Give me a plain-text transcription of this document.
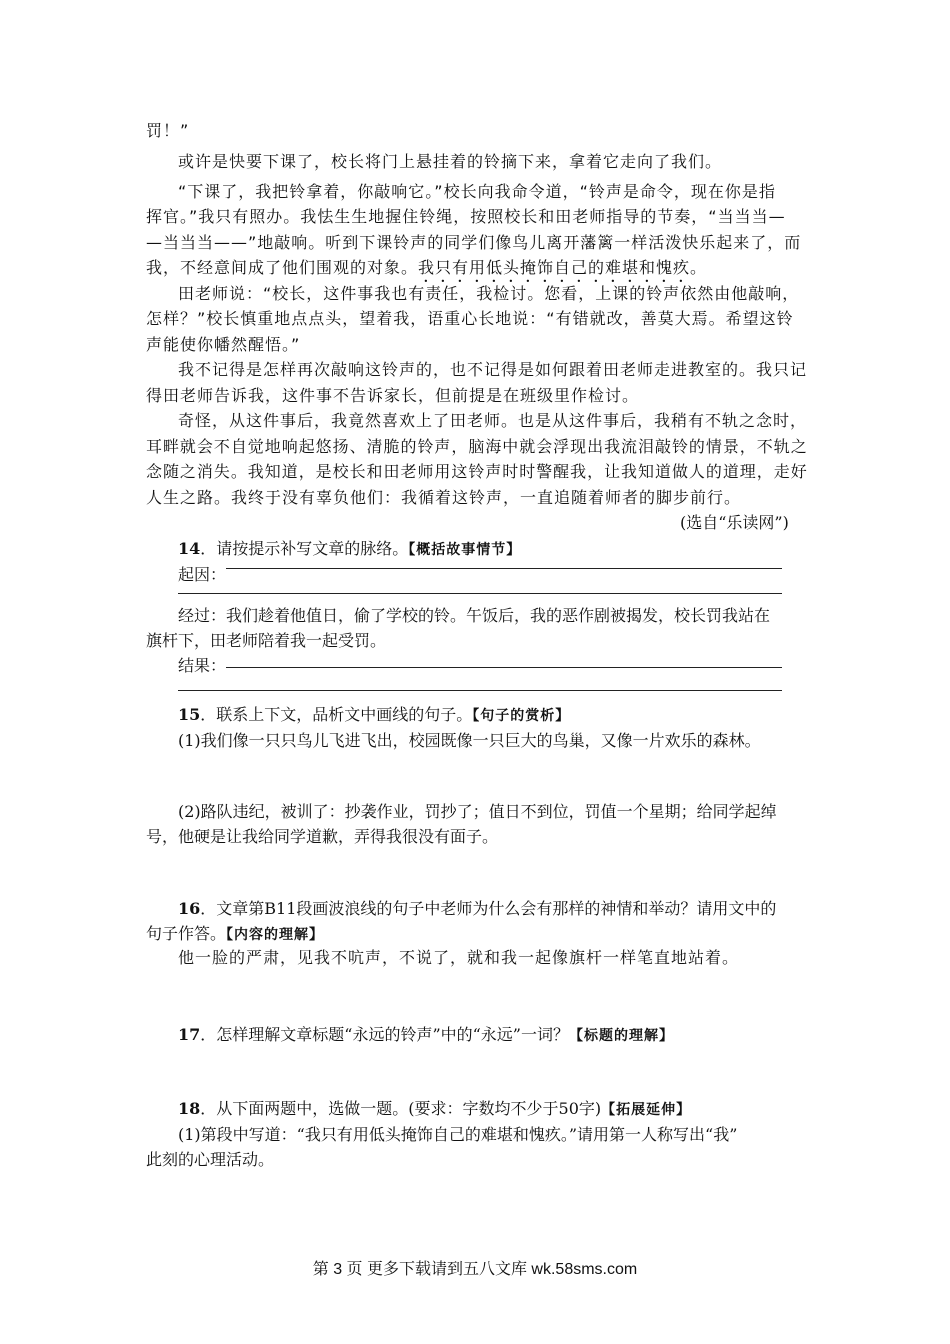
罚！”
或许是快要下课了，校长将门上悬挂着的铃摘下来，拿着它走向了我们。
“下课了，我把铃拿着，你敲响它。”校长向我命令道，“铃声是命令，现在你是指
挥官。”我只有照办。我怯生生地握住铃绳，按照校长和田老师指导的节奏，“当当当—
—当当当——”地敲响。听到下课铃声的同学们像鸟儿离开藩篱一样活泼快乐起来了，而
我，不经意间成了他们围观的对象。我只有用低头掩饰自己的难堪和愧疚。
田老师说：“校长，这件事我也有责任，我检讨。您看，上课的铃声依然由他敲响，
怎样？”校长慎重地点点头，望着我，语重心长地说：“有错就改，善莫大焉。希望这铃
声能使你幡然醒悟。”
我不记得是怎样再次敲响这铃声的，也不记得是如何跟着田老师走进教室的。我只记
得田老师告诉我，这件事不告诉家长，但前提是在班级里作检讨。
奇怪，从这件事后，我竟然喜欢上了田老师。也是从这件事后，我稍有不轨之念时，
耳畔就会不自觉地响起悠扬、清脆的铃声，脑海中就会浮现出我流泪敲铃的情景，不轨之
念随之消失。我知道，是校长和田老师用这铃声时时警醒我，让我知道做人的道理，走好
人生之路。我终于没有辜负他们：我循着这铃声，一直追随着师者的脚步前行。
(选自“乐读网”)
14．请按提示补写文章的脉络。【概括故事情节】
起因：
经过：我们趁着他值日，偷了学校的铃。午饭后，我的恶作剧被揭发，校长罚我站在
旗杆下，田老师陪着我一起受罚。
结果：
15．联系上下文，品析文中画线的句子。【句子的赏析】
(1)我们像一只只鸟儿飞进飞出，校园既像一只巨大的鸟巢，又像一片欢乐的森林。
(2)路队违纪，被训了：抄袭作业，罚抄了；值日不到位，罚值一个星期；给同学起绰
号，他硬是让我给同学道歉，弄得我很没有面子。
16．文章第B11段画波浪线的句子中老师为什么会有那样的神情和举动？请用文中的
句子作答。【内容的理解】
他一脸的严肃，见我不吭声，不说了，就和我一起像旗杆一样笔直地站着。
17．怎样理解文章标题“永远的铃声”中的“永远”一词？【标题的理解】
18．从下面两题中，选做一题。(要求：字数均不少于50字)【拓展延伸】
(1)第段中写道：“我只有用低头掩饰自己的难堪和愧疚。”请用第一人称写出“我”
此刻的心理活动。
第 3 页 更多下载请到五八文库 wk.58sms.com
